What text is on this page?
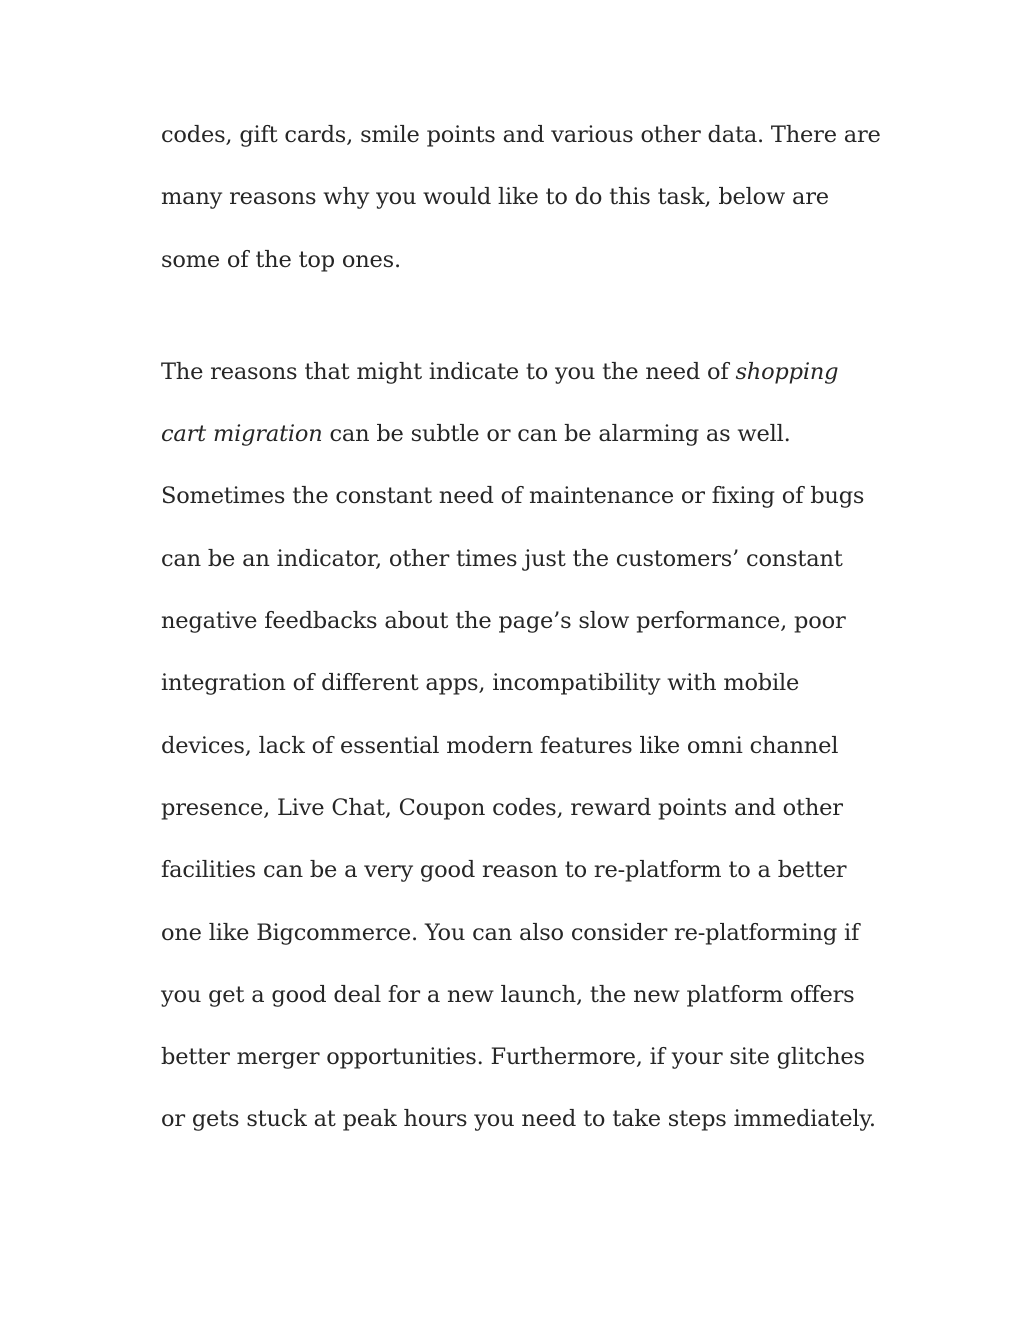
codes, gift cards, smile points and various other data. There are
many reasons why you would like to do this task, below are
some of the top ones.
The reasons that might indicate to you the need of shopping
cart migration can be subtle or can be alarming as well.
Sometimes the constant need of maintenance or fixing of bugs
can be an indicator, other times just the customers’ constant
negative feedbacks about the page’s slow performance, poor
integration of different apps, incompatibility with mobile
devices, lack of essential modern features like omni channel
presence, Live Chat, Coupon codes, reward points and other
facilities can be a very good reason to re-platform to a better
one like Bigcommerce. You can also consider re-platforming if
you get a good deal for a new launch, the new platform offers
better merger opportunities. Furthermore, if your site glitches
or gets stuck at peak hours you need to take steps immediately.
